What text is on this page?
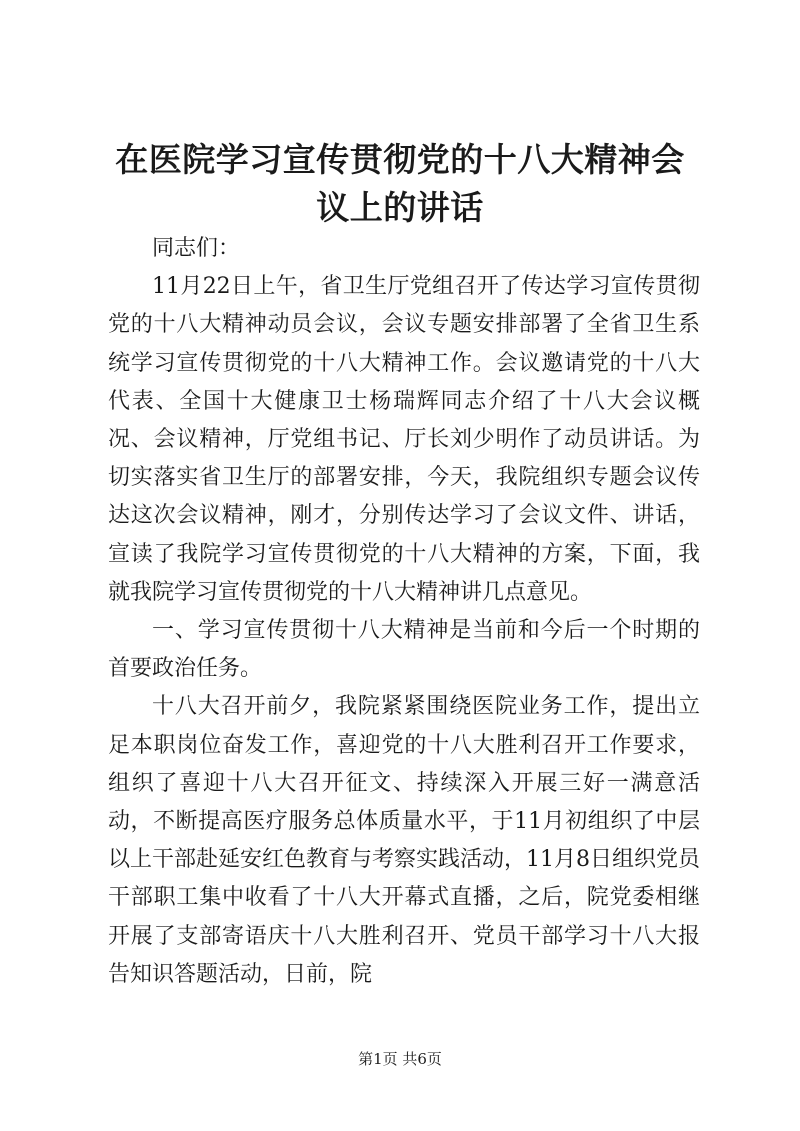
在医院学习宣传贯彻党的十八大精神会议上的讲话

同志们：

11月22日上午，省卫生厅党组召开了传达学习宣传贯彻党的十八大精神动员会议，会议专题安排部署了全省卫生系统学习宣传贯彻党的十八大精神工作。会议邀请党的十八大代表、全国十大健康卫士杨瑞辉同志介绍了十八大会议概况、会议精神，厅党组书记、厅长刘少明作了动员讲话。为切实落实省卫生厅的部署安排，今天，我院组织专题会议传达这次会议精神，刚才，分别传达学习了会议文件、讲话，宣读了我院学习宣传贯彻党的十八大精神的方案，下面，我就我院学习宣传贯彻党的十八大精神讲几点意见。

一、学习宣传贯彻十八大精神是当前和今后一个时期的首要政治任务。

十八大召开前夕，我院紧紧围绕医院业务工作，提出立足本职岗位奋发工作，喜迎党的十八大胜利召开工作要求，组织了喜迎十八大召开征文、持续深入开展三好一满意活动，不断提高医疗服务总体质量水平，于11月初组织了中层以上干部赴延安红色教育与考察实践活动，11月8日组织党员干部职工集中收看了十八大开幕式直播，之后，院党委相继开展了支部寄语庆十八大胜利召开、党员干部学习十八大报告知识答题活动，日前，院

第1页 共6页
